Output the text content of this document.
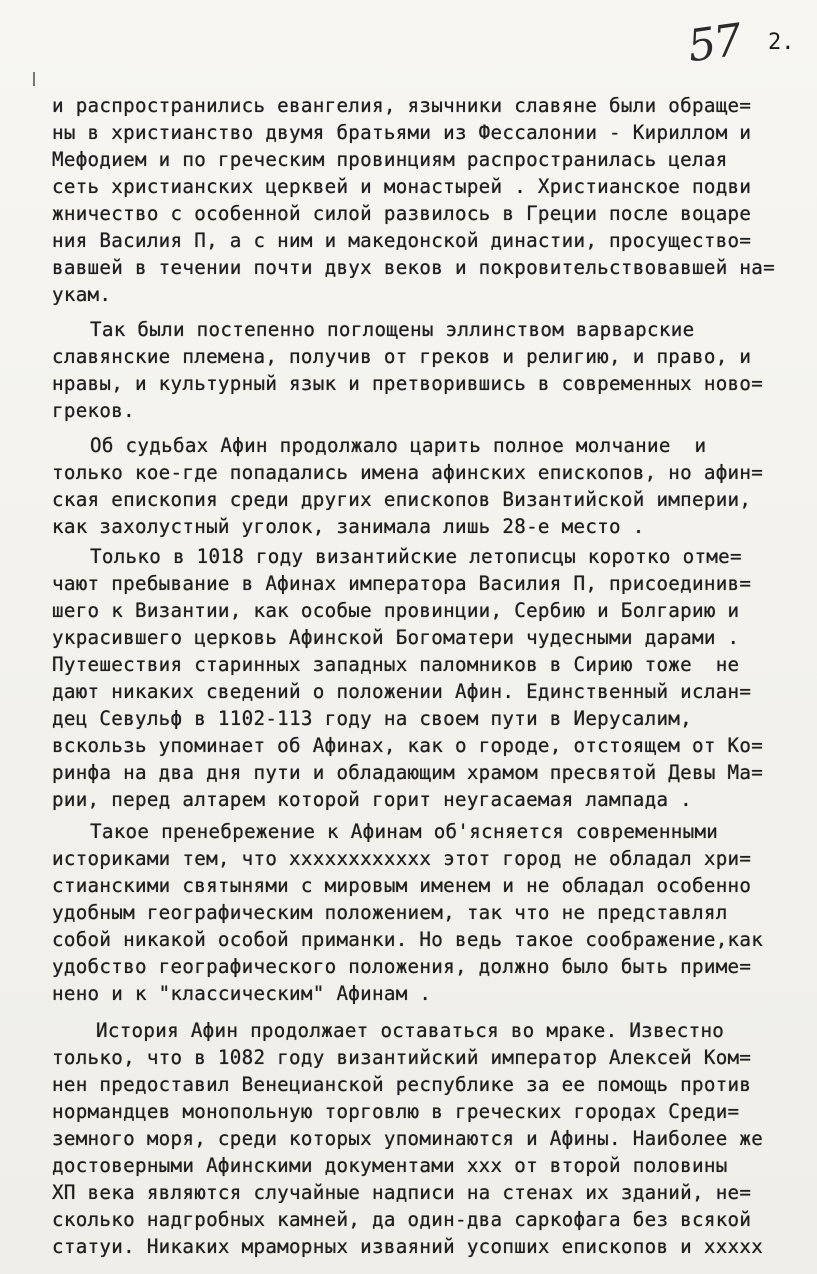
57 2.
и распространились евангелия, язычники славяне были обраще=
ны в христианство двумя братьями из Фессалонии - Кириллом и
Мефодием и по греческим провинциям распространилась целая
сеть христианских церквей и монастырей . Христианское подви
жничество с особенной силой развилось в Греции после воцаре
ния Василия П, а с ним и македонской династии, просущество=
вавшей в течении почти двух веков и покровительствовавшей на=
укам.
Так были постепенно поглощены эллинством варварские
славянские племена, получив от греков и религию, и право, и
нравы, и культурный язык и претворившись в современных ново=
греков.
Об судьбах Афин продолжало царить полное молчание  и
только кое-где попадались имена афинских епископов, но афин=
ская епископия среди других епископов Византийской империи,
как захолустный уголок, занимала лишь 28-е место .
Только в 1018 году византийские летописцы коротко отме=
чают пребывание в Афинах императора Василия П, присоединив=
шего к Византии, как особые провинции, Сербию и Болгарию и
украсившего церковь Афинской Богоматери чудесными дарами .
Путешествия старинных западных паломников в Сирию тоже  не
дают никаких сведений о положении Афин. Единственный ислан=
дец Севульф в 1102-113 году на своем пути в Иерусалим,
вскользь упоминает об Афинах, как о городе, отстоящем от Ко=
ринфа на два дня пути и обладающим храмом пресвятой Девы Ма=
рии, перед алтарем которой горит неугасаемая лампада .
Такое пренебрежение к Афинам об'ясняется современными
историками тем, что xxxxxxxxxxxx этот город не обладал хри=
стианскими святынями с мировым именем и не обладал особенно
удобным географическим положением, так что не представлял
собой никакой особой приманки. Но ведь такое соображение,как
удобство географического положения, должно было быть приме=
нено и к "классическим" Афинам .
История Афин продолжает оставаться во мраке. Известно
только, что в 1082 году византийский император Алексей Ком=
нен предоставил Венецианской республике за ее помощь против
нормандцев монопольную торговлю в греческих городах Среди=
земного моря, среди которых упоминаются и Афины. Наиболее же
достоверными Афинскими документами xxx от второй половины
ХП века являются случайные надписи на стенах их зданий, не=
сколько надгробных камней, да один-два саркофага без всякой
статуи. Никаких мраморных изваяний усопших епископов и xxxxx
